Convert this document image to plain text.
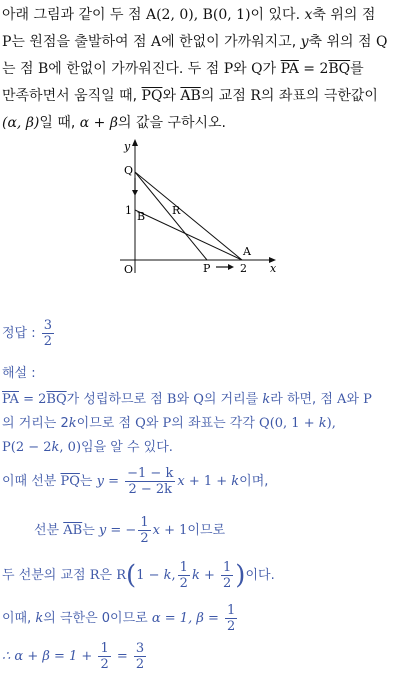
아래 그림과 같이 두 점 A(2, 0), B(0, 1)이 있다. x축 위의 점
P는 원점을 출발하여 점 A에 한없이 가까워지고, y축 위의 점 Q
는 점 B에 한없이 가까워진다. 두 점 P와 Q가 $\overline{PA} = 2\overline{BQ}$를
만족하면서 움직일 때, $\overline{PQ}$와 $\overline{AB}$의 교점 R의 좌표의 극한값이
(α, β)일 때, α + β의 값을 구하시오.
y
Q
1 B R
O	P	2
A
x
정답 : $\frac{3}{2}$
해설 :
$\overline{PA} = 2\overline{BQ}$가 성립하므로 점 B와 Q의 거리를 k라 하면, 점 A와 P
의 거리는 2k이므로 점 Q와 P의 좌표는 각각 Q(0, 1 + k),
P(2 − 2k, 0)임을 알 수 있다.
이때 선분 $\overline{PQ}$는 $y = \frac{-1 - k}{2 - 2k}$ x + 1 + k이며,
선분 $\overline{AB}$는 y = − $\frac{1}{2}$ x + 1이므로
두 선분의 교점 R은 R(1 − k, $\frac{1}{2}$ $k + \frac{1}{2}$ )이다.
이때, k의 극한은 0이므로 α = 1, $\beta = \frac{1}{2}$
∴ $\alpha + \beta = 1 + \frac{1}{2} = \frac{3}{2}$
